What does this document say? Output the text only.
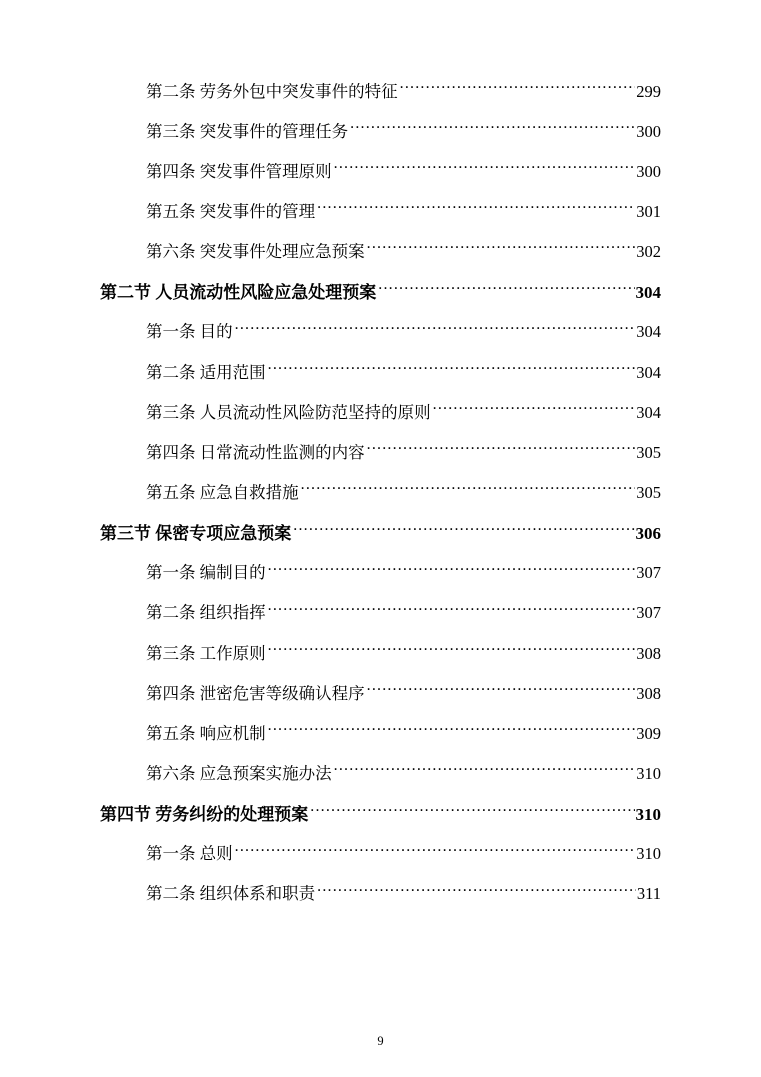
第二条 劳务外包中突发事件的特征 .....	299
第三条 突发事件的管理任务 .....	300
第四条 突发事件管理原则 .....	300
第五条 突发事件的管理 .....	301
第六条 突发事件处理应急预案 .....	302
第二节 人员流动性风险应急处理预案 .....	304
第一条 目的 .....	304
第二条 适用范围 .....	304
第三条 人员流动性风险防范坚持的原则 .....	304
第四条 日常流动性监测的内容 .....	305
第五条 应急自救措施 .....	305
第三节 保密专项应急预案 .....	306
第一条 编制目的 .....	307
第二条 组织指挥 .....	307
第三条 工作原则 .....	308
第四条 泄密危害等级确认程序 .....	308
第五条 响应机制 .....	309
第六条 应急预案实施办法 .....	310
第四节 劳务纠纷的处理预案 .....	310
第一条 总则 .....	310
第二条 组织体系和职责 .....	311
9
